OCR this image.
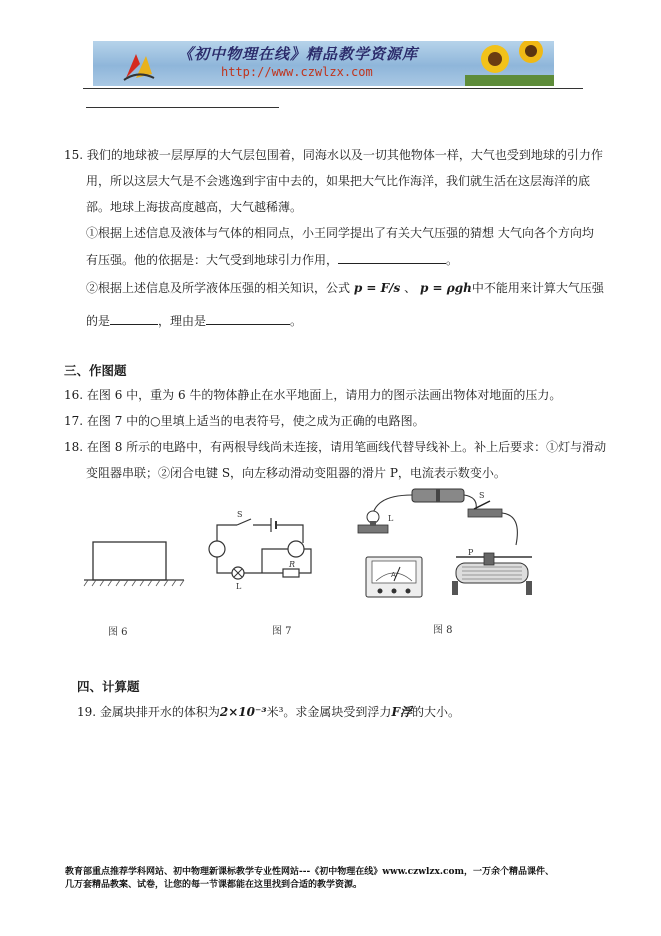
《初中物理在线》精品教学资源库
http://www.czwlzx.com
15. 我们的地球被一层厚厚的大气层包围着，同海水以及一切其他物体一样，大气也受到地球的引力作
用，所以这层大气是不会逃逸到宇宙中去的，如果把大气比作海洋，我们就生活在这层海洋的底
部。地球上海拔高度越高，大气越稀薄。
①根据上述信息及液体与气体的相同点，小王同学提出了有关大气压强的猜想 大气向各个方向均
有压强。他的依据是：大气受到地球引力作用，	。
②根据上述信息及所学液体压强的相关知识，公式 p = F/s 、 p = ρgh中不能用来计算大气压强
的是	，理由是	。
三、作图题
16. 在图 6 中，重为 6 牛的物体静止在水平地面上，请用力的图示法画出物体对地面的压力。
17. 在图 7 中的○里填上适当的电表符号，使之成为正确的电路图。
18. 在图 8 所示的电路中，有两根导线尚未连接，请用笔画线代替导线补上。补上后要求：①灯与滑动
变阻器串联；②闭合电键 S，向左移动滑动变阻器的滑片 P，电流表示数变小。
图 6
S
L
R
图 7
A
S
L
P
图 8
四、计算题
19. 金属块排开水的体积为2×10⁻³米³。求金属块受到浮力F浮的大小。
教育部重点推荐学科网站、初中物理新课标教学专业性网站---《初中物理在线》www.czwlzx.com，一万余个精品课件、
几万套精品教案、试卷，让您的每一节课都能在这里找到合适的教学资源。
